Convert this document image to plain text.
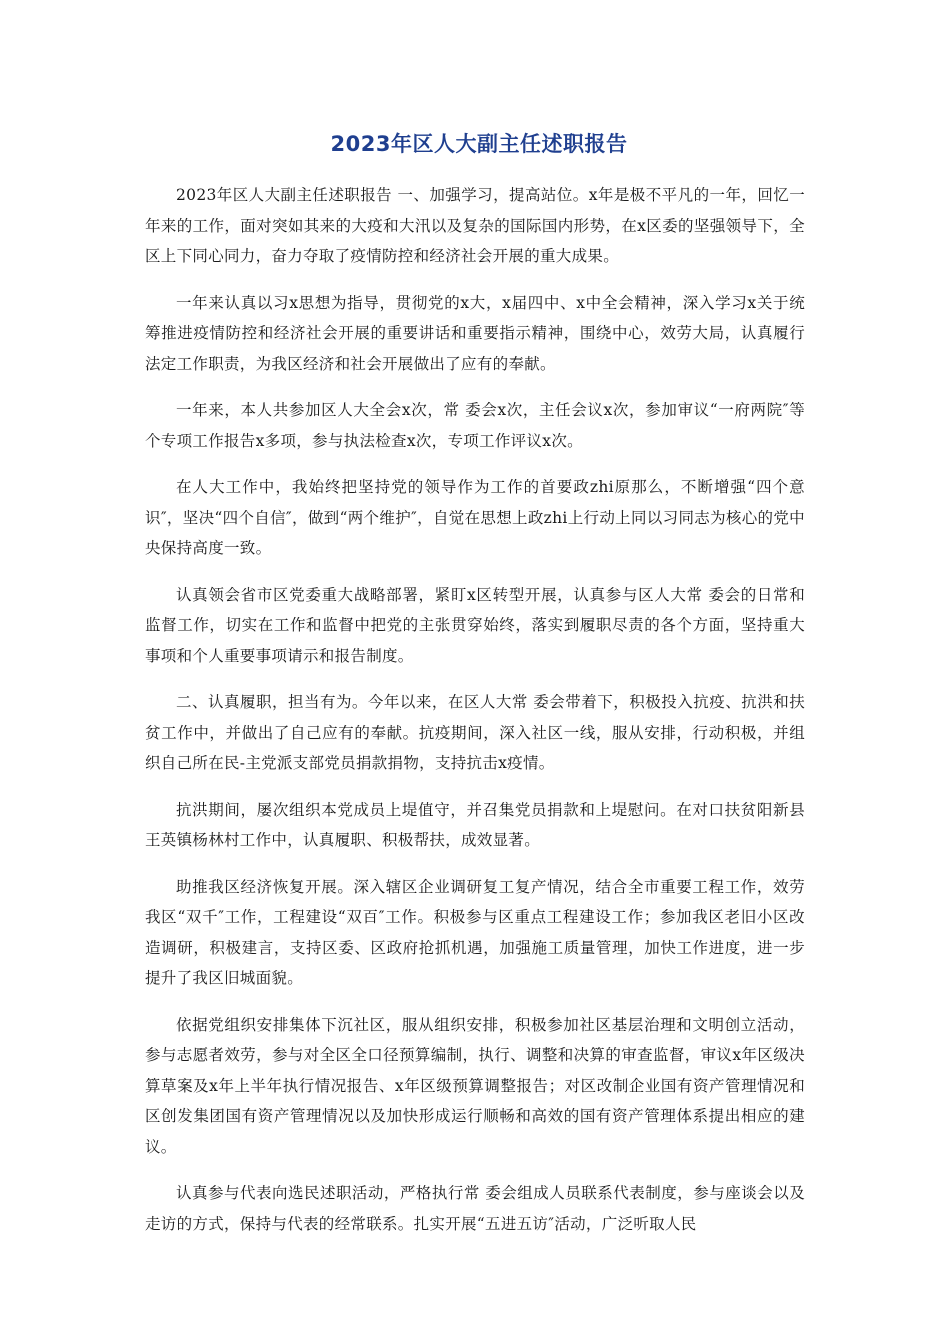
2023年区人大副主任述职报告

2023年区人大副主任述职报告 一、加强学习，提高站位。x年是极不平凡的一年，回忆一年来的工作，面对突如其来的大疫和大汛以及复杂的国际国内形势，在x区委的坚强领导下，全区上下同心同力，奋力夺取了疫情防控和经济社会开展的重大成果。

一年来认真以习x思想为指导，贯彻党的x大，x届四中、x中全会精神，深入学习x关于统筹推进疫情防控和经济社会开展的重要讲话和重要指示精神，围绕中心，效劳大局，认真履行法定工作职责，为我区经济和社会开展做出了应有的奉献。

一年来，本人共参加区人大全会x次，常 委会x次，主任会议x次，参加审议“一府两院″等个专项工作报告x多项，参与执法检查x次，专项工作评议x次。

在人大工作中，我始终把坚持党的领导作为工作的首要政zhi原那么，不断增强“四个意识″，坚决“四个自信″，做到“两个维护″，自觉在思想上政zhi上行动上同以习同志为核心的党中央保持高度一致。

认真领会省市区党委重大战略部署，紧盯x区转型开展，认真参与区人大常 委会的日常和监督工作，切实在工作和监督中把党的主张贯穿始终，落实到履职尽责的各个方面，坚持重大事项和个人重要事项请示和报告制度。

二、认真履职，担当有为。今年以来，在区人大常 委会带着下，积极投入抗疫、抗洪和扶贫工作中，并做出了自己应有的奉献。抗疫期间，深入社区一线，服从安排，行动积极，并组织自己所在民-主党派支部党员捐款捐物，支持抗击x疫情。

抗洪期间，屡次组织本党成员上堤值守，并召集党员捐款和上堤慰问。在对口扶贫阳新县王英镇杨林村工作中，认真履职、积极帮扶，成效显著。

助推我区经济恢复开展。深入辖区企业调研复工复产情况，结合全市重要工程工作，效劳我区“双千″工作，工程建设“双百″工作。积极参与区重点工程建设工作；参加我区老旧小区改造调研，积极建言，支持区委、区政府抢抓机遇，加强施工质量管理，加快工作进度，进一步提升了我区旧城面貌。

依据党组织安排集体下沉社区，服从组织安排，积极参加社区基层治理和文明创立活动，参与志愿者效劳，参与对全区全口径预算编制，执行、调整和决算的审查监督，审议x年区级决算草案及x年上半年执行情况报告、x年区级预算调整报告；对区改制企业国有资产管理情况和区创发集团国有资产管理情况以及加快形成运行顺畅和高效的国有资产管理体系提出相应的建议。

认真参与代表向选民述职活动，严格执行常 委会组成人员联系代表制度，参与座谈会以及走访的方式，保持与代表的经常联系。扎实开展“五进五访″活动，广泛听取人民
